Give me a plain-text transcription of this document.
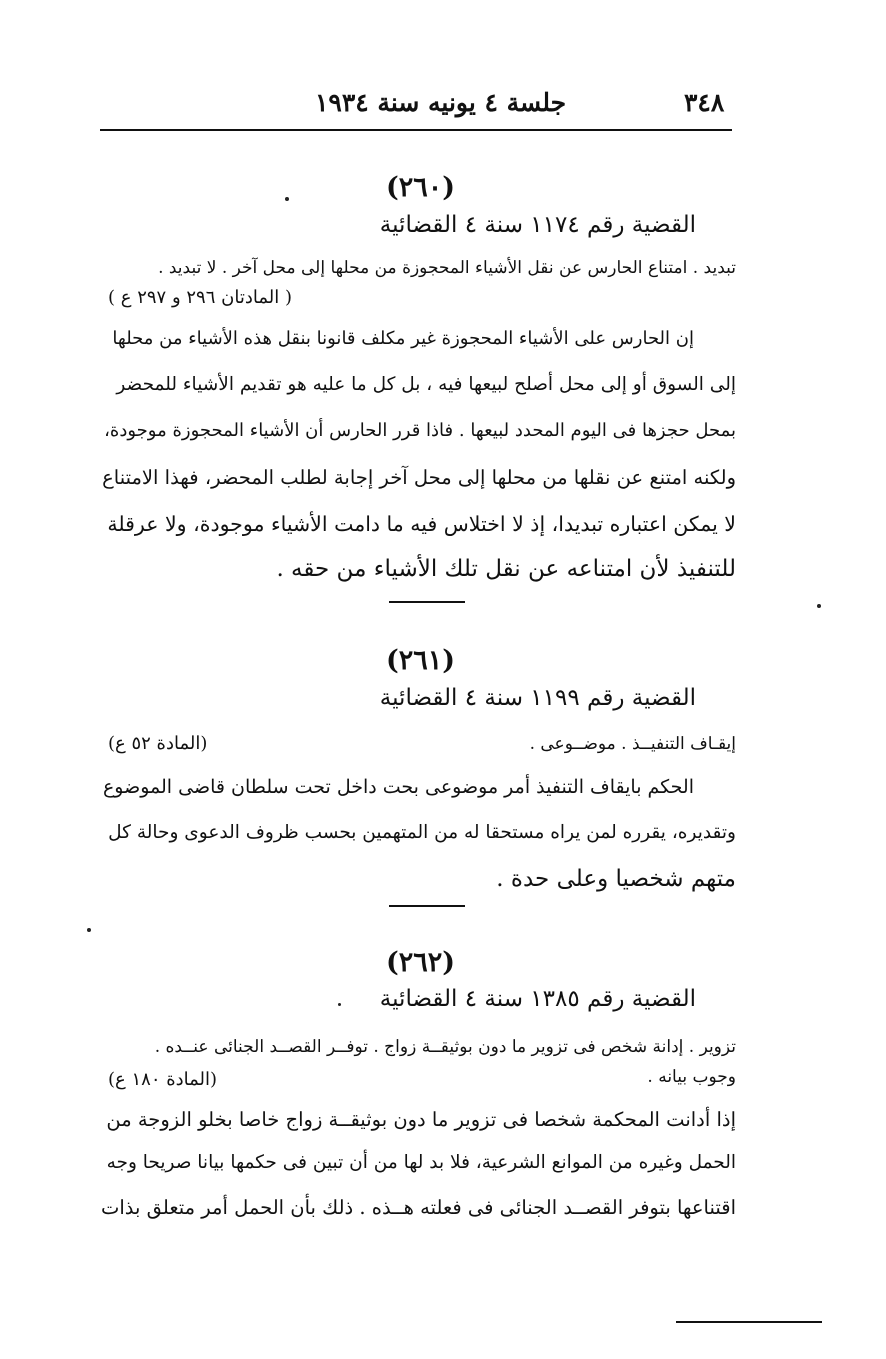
٣٤٨
جلسة ٤ يونيه سنة ١٩٣٤
(٢٦٠)
القضية رقم ١١٧٤ سنة ٤ القضائية
تبديد . امتناع الحارس عن نقل الأشياء المحجوزة من محلها إلى محل آخر . لا تبديد .
( المادتان ٢٩٦ و ٢٩٧ ع )
إن الحارس على الأشياء المحجوزة غير مكلف قانونا بنقل هذه الأشياء من محلها
إلى السوق أو إلى محل أصلح لبيعها فيه ، بل كل ما عليه هو تقديم الأشياء للمحضر
بمحل حجزها فى اليوم المحدد لبيعها . فاذا قرر الحارس أن الأشياء المحجوزة موجودة،
ولكنه امتنع عن نقلها من محلها إلى محل آخر إجابة لطلب المحضر، فهذا الامتناع
لا يمكن اعتباره تبديدا، إذ لا اختلاس فيه ما دامت الأشياء موجودة، ولا عرقلة
للتنفيذ لأن امتناعه عن نقل تلك الأشياء من حقه .
(٢٦١)
القضية رقم ١١٩٩ سنة ٤ القضائية
إيقـاف التنفيــذ . موضــوعى .
(المادة ٥٢ ع)
الحكم بايقاف التنفيذ أمر موضوعى بحت داخل تحت سلطان قاضى الموضوع
وتقديره، يقرره لمن يراه مستحقا له من المتهمين بحسب ظروف الدعوى وحالة كل
متهم شخصيا وعلى حدة .
(٢٦٢)
القضية رقم ١٣٨٥ سنة ٤ القضائية
تزوير . إدانة شخص فى تزوير ما دون بوثيقــة زواج . توفــر القصــد الجنائى عنــده .
وجوب بيانه .
(المادة ١٨٠ ع)
إذا أدانت المحكمة شخصا فى تزوير ما دون بوثيقــة زواج خاصا بخلو الزوجة من
الحمل وغيره من الموانع الشرعية، فلا بد لها من أن تبين فى حكمها بيانا صريحا وجه
اقتناعها بتوفر القصــد الجنائى فى فعلته هــذه . ذلك بأن الحمل أمر متعلق بذات
